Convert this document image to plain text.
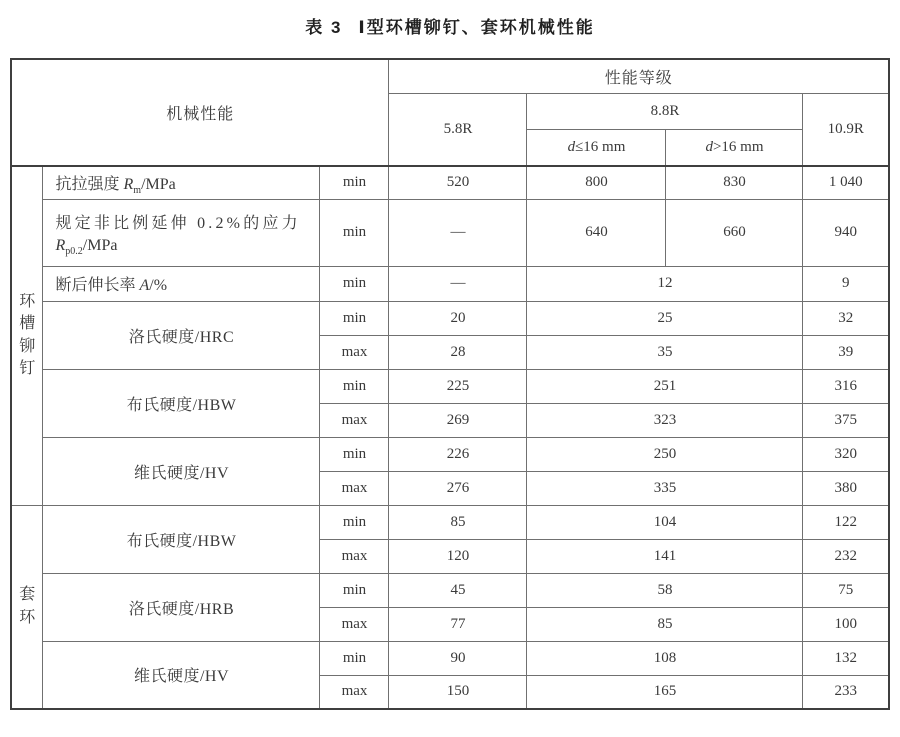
表 3 Ⅰ型环槽铆钉、套环机械性能
机械性能			性能等级			
			5.8R	8.8R		10.9R
				d≤16 mm	d>16 mm	
环槽铆钉	抗拉强度 $R_m$/MPa	min	520	800	830	1 040

	规定非比例延伸 0.2%的应力
$R_{p0.2}$/MPa	min	—	640	660	940
	断后伸长率 A/%	min	—	12		9
	洛氏硬度/HRC	min	20	25		32
		max	28	35		39
	布氏硬度/HBW	min	225	251		316
		max	269	323		375
	维氏硬度/HV	min	226	250		320
		max	276	335		380
套环	布氏硬度/HBW	min	85	104		122
		max	120	141		232
	洛氏硬度/HRB	min	45	58		75
		max	77	85		100
	维氏硬度/HV	min	90	108		132
		max	150	165		233
